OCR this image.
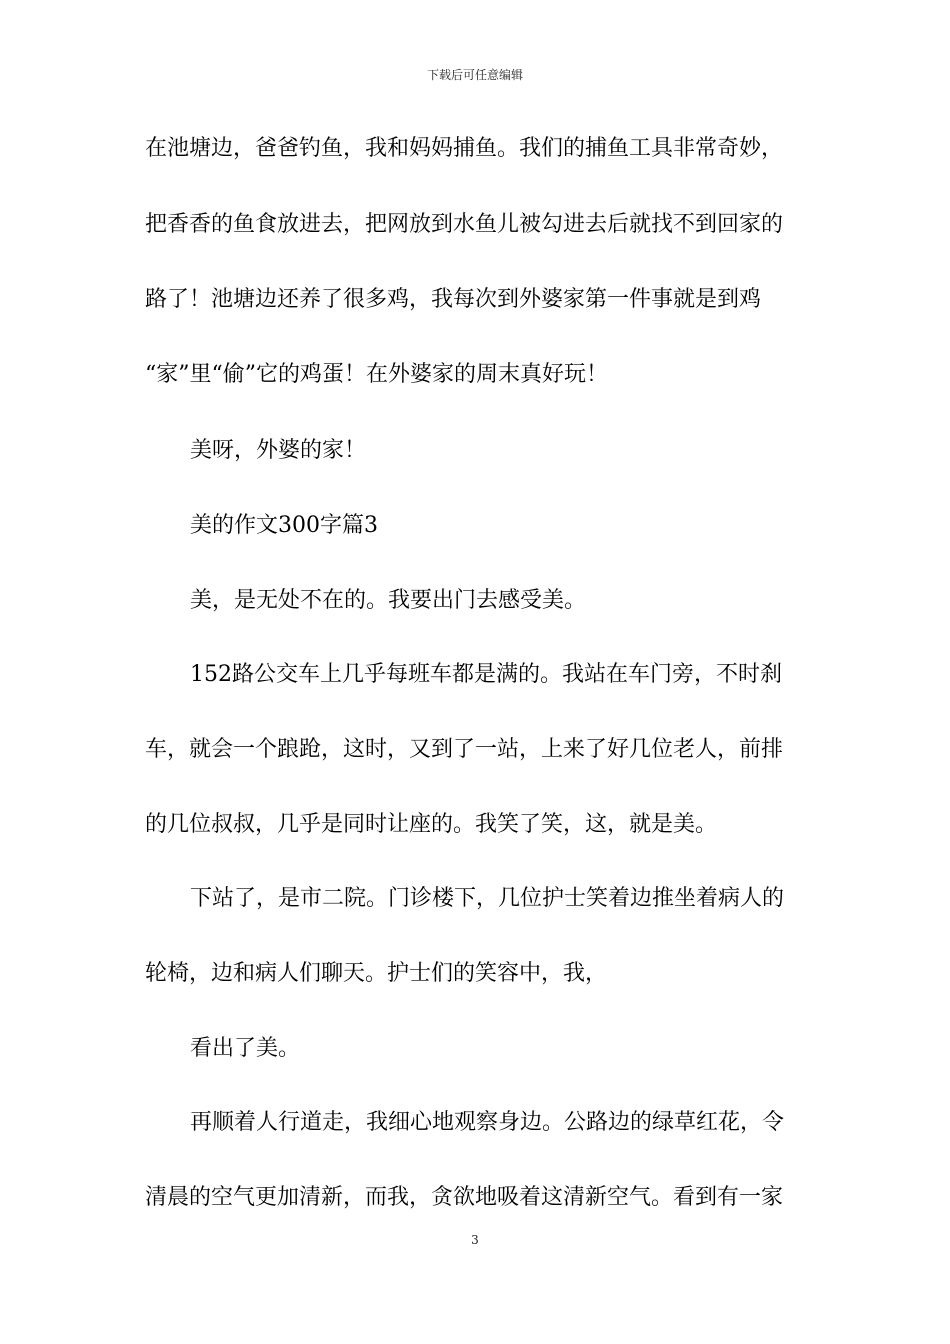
下载后可任意编辑
在池塘边，爸爸钓鱼，我和妈妈捕鱼。我们的捕鱼工具非常奇妙，
把香香的鱼食放进去，把网放到水鱼儿被勾进去后就找不到回家的
路了！池塘边还养了很多鸡，我每次到外婆家第一件事就是到鸡
“家”里“偷”它的鸡蛋！在外婆家的周末真好玩！
美呀，外婆的家！
美的作文300字篇3
美，是无处不在的。我要出门去感受美。
152路公交车上几乎每班车都是满的。我站在车门旁，不时刹
车，就会一个踉跄，这时，又到了一站，上来了好几位老人，前排
的几位叔叔，几乎是同时让座的。我笑了笑，这，就是美。
下站了，是市二院。门诊楼下，几位护士笑着边推坐着病人的
轮椅，边和病人们聊天。护士们的笑容中，我，
看出了美。
再顺着人行道走，我细心地观察身边。公路边的绿草红花，令
清晨的空气更加清新，而我，贪欲地吸着这清新空气。看到有一家
3
